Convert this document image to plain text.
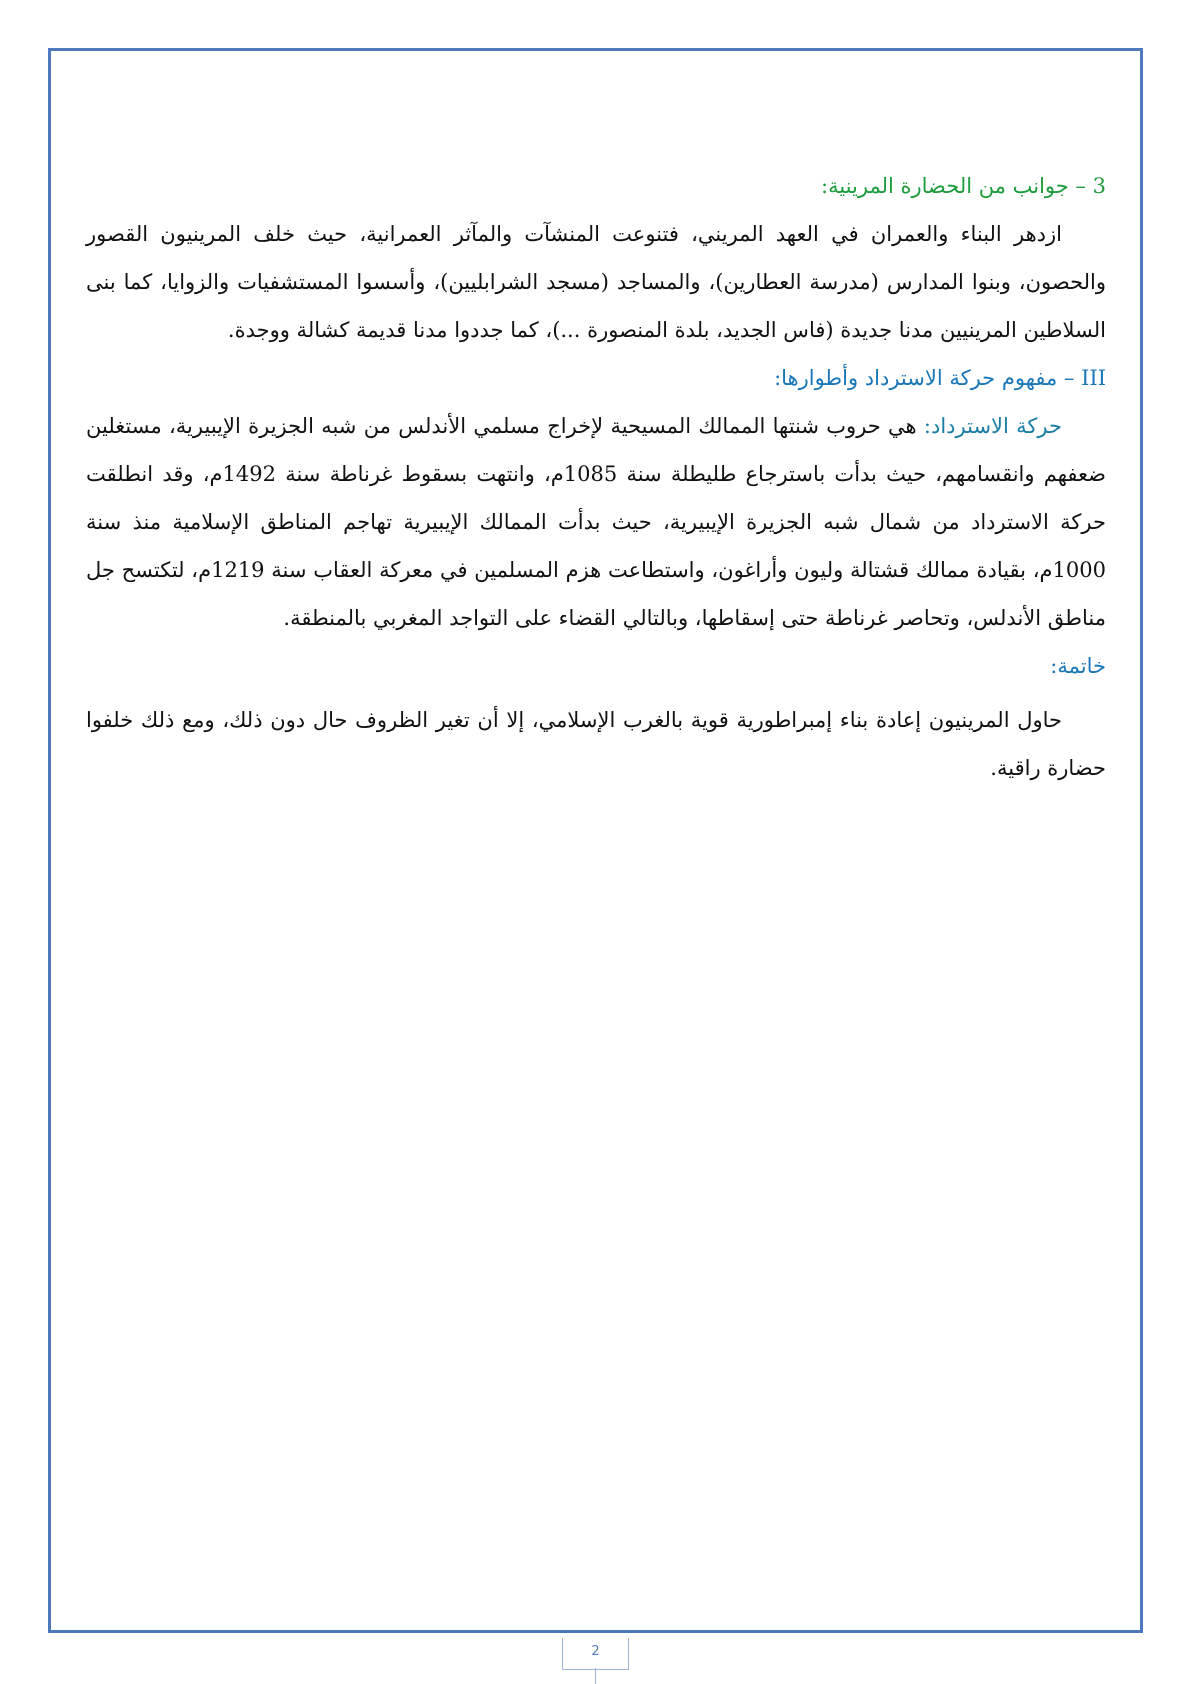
3 – جوانب من الحضارة المرينية:

ازدهر البناء والعمران في العهد المريني، فتنوعت المنشآت والمآثر العمرانية، حيث خلف المرينيون القصور والحصون، وبنوا المدارس (مدرسة العطارين)، والمساجد (مسجد الشرابليين)، وأسسوا المستشفيات والزوايا، كما بنى السلاطين المرينيين مدنا جديدة (فاس الجديد، بلدة المنصورة ...)، كما جددوا مدنا قديمة كشالة ووجدة.

III – مفهوم حركة الاسترداد وأطوارها:

حركة الاسترداد: هي حروب شنتها الممالك المسيحية لإخراج مسلمي الأندلس من شبه الجزيرة الإيبيرية، مستغلين ضعفهم وانقسامهم، حيث بدأت باسترجاع طليطلة سنة 1085م، وانتهت بسقوط غرناطة سنة 1492م، وقد انطلقت حركة الاسترداد من شمال شبه الجزيرة الإيبيرية، حيث بدأت الممالك الإيبيرية تهاجم المناطق الإسلامية منذ سنة 1000م، بقيادة ممالك قشتالة وليون وأراغون، واستطاعت هزم المسلمين في معركة العقاب سنة 1219م، لتكتسح جل مناطق الأندلس، وتحاصر غرناطة حتى إسقاطها، وبالتالي القضاء على التواجد المغربي بالمنطقة.

خاتمة:

حاول المرينيون إعادة بناء إمبراطورية قوية بالغرب الإسلامي، إلا أن تغير الظروف حال دون ذلك، ومع ذلك خلفوا حضارة راقية.

2
